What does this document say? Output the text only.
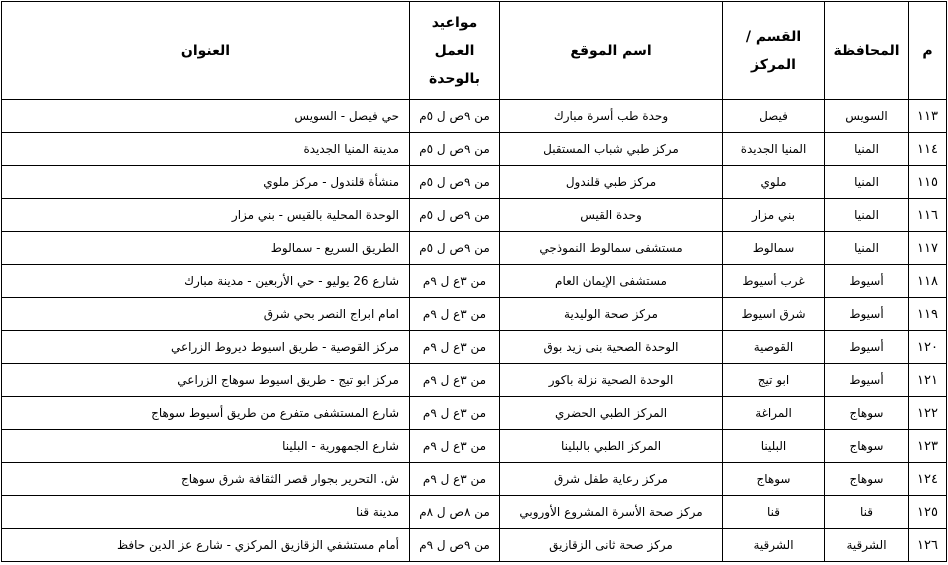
م	المحافظة	القسم / المركز	اسم الموقع	مواعيد العمل بالوحدة	العنوان
١١٣	السويس	فيصل	وحدة طب أسرة مبارك	من ٩ص ل ٥م	حي فيصل - السويس
١١٤	المنيا	المنيا الجديدة	مركز طبي شباب المستقبل	من ٩ص ل ٥م	مدينة المنيا الجديدة
١١٥	المنيا	ملوي	مركز طبي قلندول	من ٩ص ل ٥م	منشأة قلندول - مركز ملوي
١١٦	المنيا	بني مزار	وحدة القيس	من ٩ص ل ٥م	الوحدة المحلية بالقيس - بني مزار
١١٧	المنيا	سمالوط	مستشفى سمالوط النموذجي	من ٩ص ل ٥م	الطريق السريع - سمالوط
١١٨	أسيوط	غرب أسيوط	مستشفى الإيمان العام	من ٣ع ل ٩م	شارع 26 يوليو - حي الأربعين - مدينة مبارك
١١٩	أسيوط	شرق اسيوط	مركز صحة الوليدية	من ٣ع ل ٩م	امام ابراج النصر بحي شرق
١٢٠	أسيوط	القوصية	الوحدة الصحية بنى زيد بوق	من ٣ع ل ٩م	مركز القوصية - طريق اسيوط ديروط الزراعي
١٢١	أسيوط	ابو تيج	الوحدة الصحية نزلة باكور	من ٣ع ل ٩م	مركز ابو تيج - طريق اسيوط سوهاج الزراعي
١٢٢	سوهاج	المراغة	المركز الطبي الحضري	من ٣ع ل ٩م	شارع المستشفى متفرع من طريق أسيوط سوهاج
١٢٣	سوهاج	البلينا	المركز الطبي بالبلينا	من ٣ع ل ٩م	شارع الجمهورية - البلينا
١٢٤	سوهاج	سوهاج	مركز رعاية طفل شرق	من ٣ع ل ٩م	ش. التحرير بجوار قصر الثقافة شرق سوهاج
١٢٥	قنا	قنا	مركز صحة الأسرة المشروع الأوروبي	من ٨ص ل ٨م	مدينة قنا
١٢٦	الشرقية	الشرقية	مركز صحة ثانى الزقازيق	من ٩ص ل ٩م	أمام مستشفي الزقازيق المركزي - شارع عز الدين حافظ
